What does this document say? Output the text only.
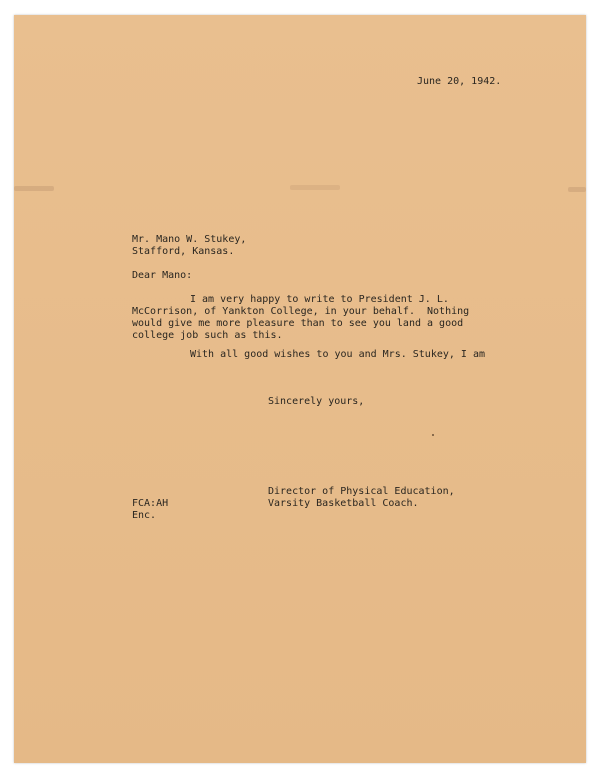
June 20, 1942.
Mr. Mano W. Stukey,
Stafford, Kansas.
Dear Mano:
I am very happy to write to President J. L.
McCorrison, of Yankton College, in your behalf.  Nothing
would give me more pleasure than to see you land a good
college job such as this.
With all good wishes to you and Mrs. Stukey, I am
Sincerely yours,
Director of Physical Education,
Varsity Basketball Coach.
FCA:AH
Enc.
